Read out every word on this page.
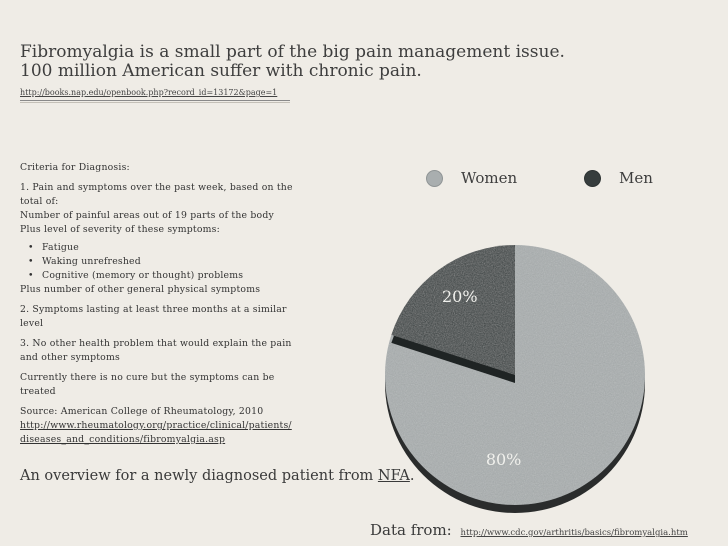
Fibromyalgia is a small part of the big pain management issue.
100 million American suffer with chronic pain.
http://books.nap.edu/openbook.php?record_id=13172&page=1

Criteria for Diagnosis:

1. Pain and symptoms over the past week, based on the

total of:

Number of painful areas out of 19 parts of the body

Plus level of severity of these symptoms:

• Fatigue
• Waking unrefreshed
• Cognitive (memory or thought) problems

Plus number of other general physical symptoms

2. Symptoms lasting at least three months at a similar level

3. No other health problem that would explain the pain

and other symptoms

Currently there is no cure but the symptoms can be

treated

Source: American College of Rheumatology, 2010

http://www.rheumatology.org/practice/clinical/patients/

diseases_and_conditions/fibromyalgia.asp

An overview for a newly diagnosed patient from NFA.
Data from: http://www.cdc.gov/arthritis/basics/fibromyalgia.htm
Women	Men
20%
80%
